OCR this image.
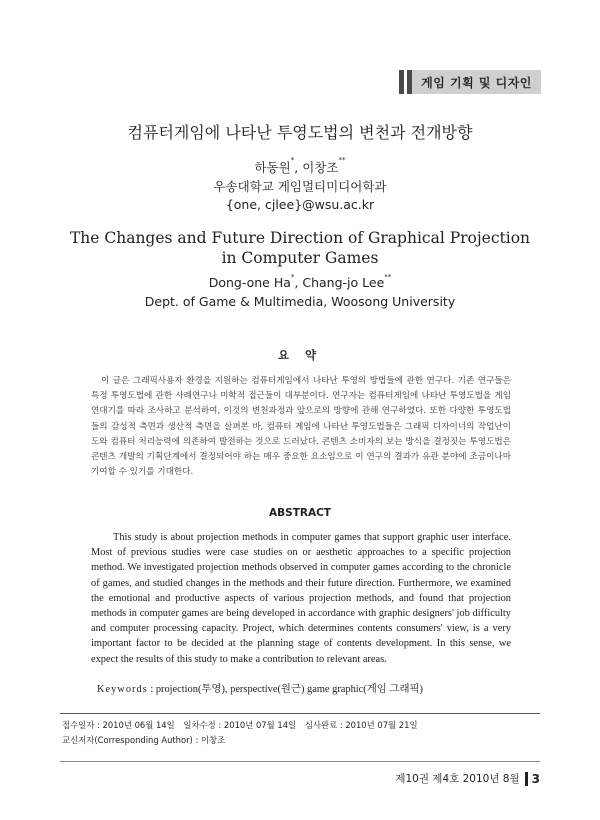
게임 기획 및 디자인
컴퓨터게임에 나타난 투영도법의 변천과 전개방향
하동원*, 이창조**
우송대학교 게임멀티미디어학과
{one, cjlee}@wsu.ac.kr
The Changes and Future Direction of Graphical Projection
in Computer Games
Dong-one Ha*, Chang-jo Lee**
Dept. of Game & Multimedia, Woosong University
요 약
이 글은 그래픽사용자 환경을 지원하는 컴퓨터게임에서 나타난 투영의 방법들에 관한 연구다. 기존 연구들은 특정 투영도법에 관한 사례연구나 미학적 접근들이 대부분이다. 연구자는 컴퓨터게임에 나타난 투영도법을 게임 연대기를 따라 조사하고 분석하여, 이것의 변천과정과 앞으로의 방향에 관해 연구하였다. 또한 다양한 투영도법들의 감성적 측면과 생산적 측면을 살펴본 바, 컴퓨터 게임에 나타난 투영도법들은 그래픽 디자이너의 작업난이도와 컴퓨터 처리능력에 의존하여 발전하는 것으로 드러났다. 콘텐츠 소비자의 보는 방식을 결정짓는 투영도법은 콘텐츠 개발의 기획단계에서 결정되어야 하는 매우 중요한 요소임으로 이 연구의 결과가 유관 분야에 조금이나마 기여할 수 있기를 기대한다.
ABSTRACT
This study is about projection methods in computer games that support graphic user interface. Most of previous studies were case studies on or aesthetic approaches to a specific projection method. We investigated projection methods observed in computer games according to the chronicle of games, and studied changes in the methods and their future direction. Furthermore, we examined the emotional and productive aspects of various projection methods, and found that projection methods in computer games are being developed in accordance with graphic designers' job difficulty and computer processing capacity. Project, which determines contents consumers' view, is a very important factor to be decided at the planning stage of contents development. In this sense, we expect the results of this study to make a contribution to relevant areas.
Keywords : projection(투영), perspective(원근) game graphic(게임 그래픽)
접수일자 : 2010년 06월 14일 일차수정 : 2010년 07월 14일 심사완료 : 2010년 07월 21일
교신저자(Corresponding Author) : 이창조
제10권 제4호 2010년 8월 3
